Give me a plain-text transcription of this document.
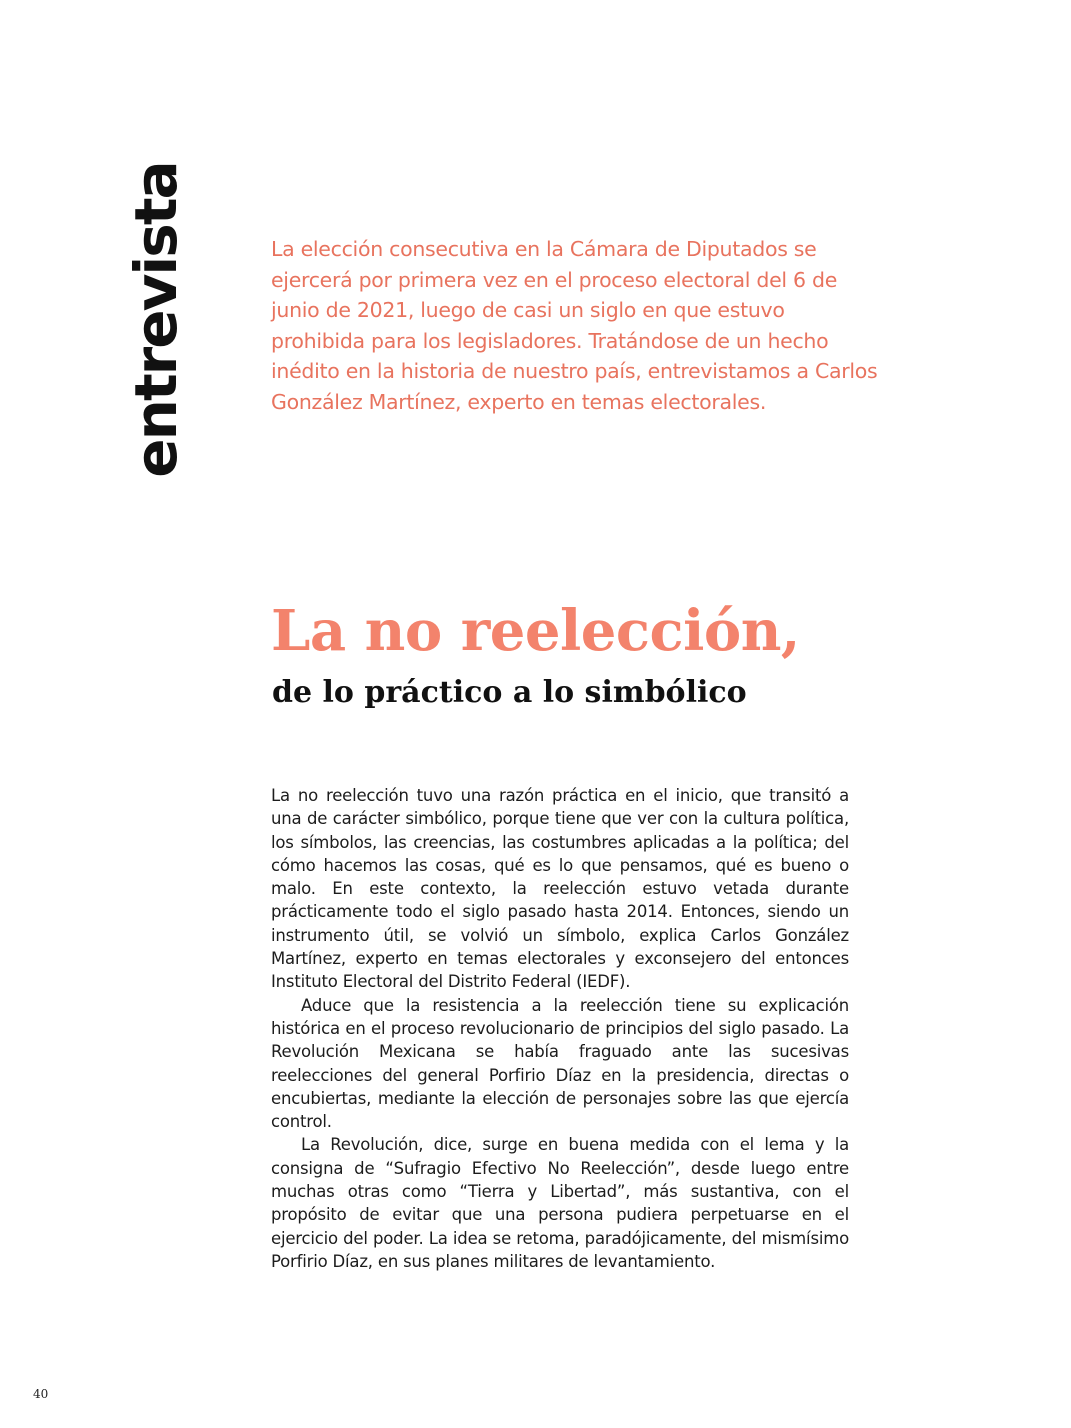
entrevista	La elección consecutiva en la Cámara de Diputados se ejercerá por primera vez en el proceso electoral del 6 de junio de 2021, luego de casi un siglo en que estuvo prohibida para los legisladores. Tratándose de un hecho inédito en la historia de nuestro país, entrevistamos a Carlos González Martínez, experto en temas electorales.

La no reelección,
de lo práctico a lo simbólico

La no reelección tuvo una razón práctica en el inicio, que transitó a una de carácter simbólico, porque tiene que ver con la cultura política, los símbolos, las creencias, las costumbres aplicadas a la política; del cómo hacemos las cosas, qué es lo que pensamos, qué es bueno o malo. En este contexto, la reelección estuvo vetada durante prácticamente todo el siglo pasado hasta 2014. Entonces, siendo un instrumento útil, se volvió un símbolo, explica Carlos González Martínez, experto en temas electorales y exconsejero del entonces Instituto Electoral del Distrito Federal (IEDF).

Aduce que la resistencia a la reelección tiene su explicación histórica en el proceso revolucionario de principios del siglo pasado. La Revolución Mexicana se había fraguado ante las sucesivas reelecciones del general Porfirio Díaz en la presidencia, directas o encubiertas, mediante la elección de personajes sobre las que ejercía control.

La Revolución, dice, surge en buena medida con el lema y la consigna de “Sufragio Efectivo No Reelección”, desde luego entre muchas otras como “Tierra y Libertad”, más sustantiva, con el propósito de evitar que una persona pudiera perpetuarse en el ejercicio del poder. La idea se retoma, paradójicamente, del mismísimo Porfirio Díaz, en sus planes militares de levantamiento.

40
